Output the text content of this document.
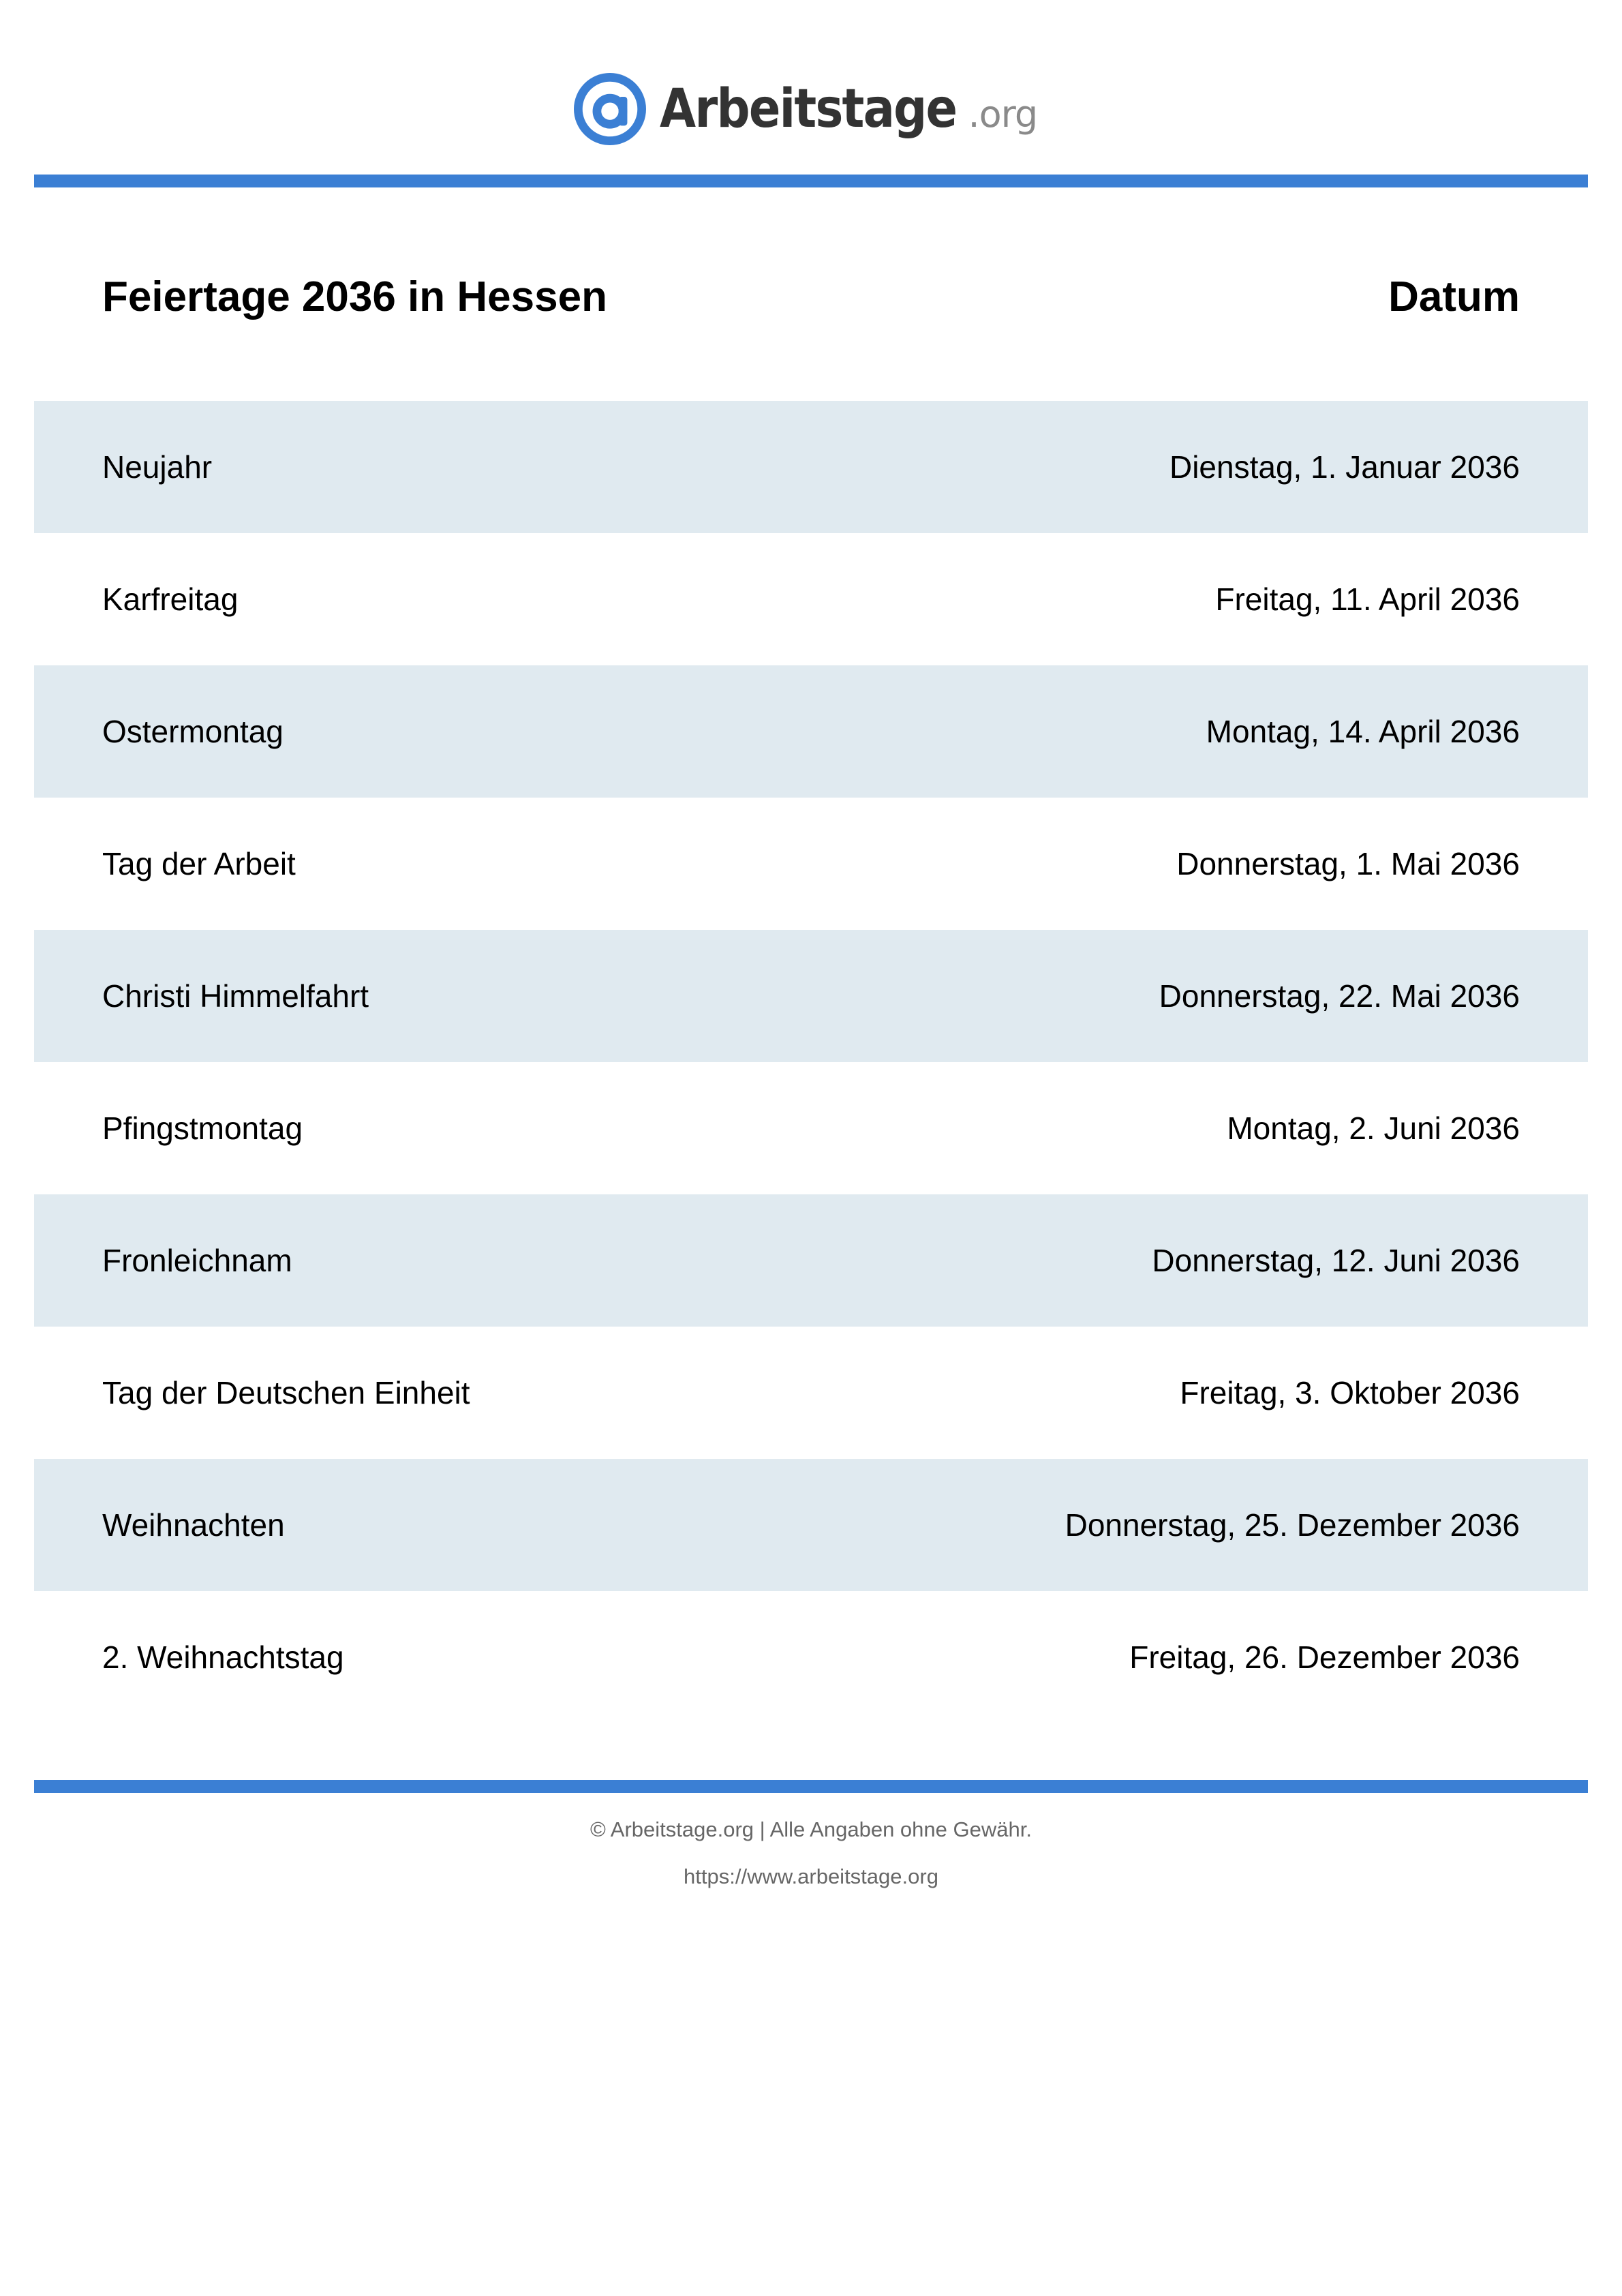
Arbeitstage .org
Feiertage 2036 in Hessen	Datum
Neujahr	Dienstag, 1. Januar 2036
Karfreitag	Freitag, 11. April 2036
Ostermontag	Montag, 14. April 2036
Tag der Arbeit	Donnerstag, 1. Mai 2036
Christi Himmelfahrt	Donnerstag, 22. Mai 2036
Pfingstmontag	Montag, 2. Juni 2036
Fronleichnam	Donnerstag, 12. Juni 2036
Tag der Deutschen Einheit	Freitag, 3. Oktober 2036
Weihnachten	Donnerstag, 25. Dezember 2036
2. Weihnachtstag	Freitag, 26. Dezember 2036
© Arbeitstage.org | Alle Angaben ohne Gewähr.
https://www.arbeitstage.org
